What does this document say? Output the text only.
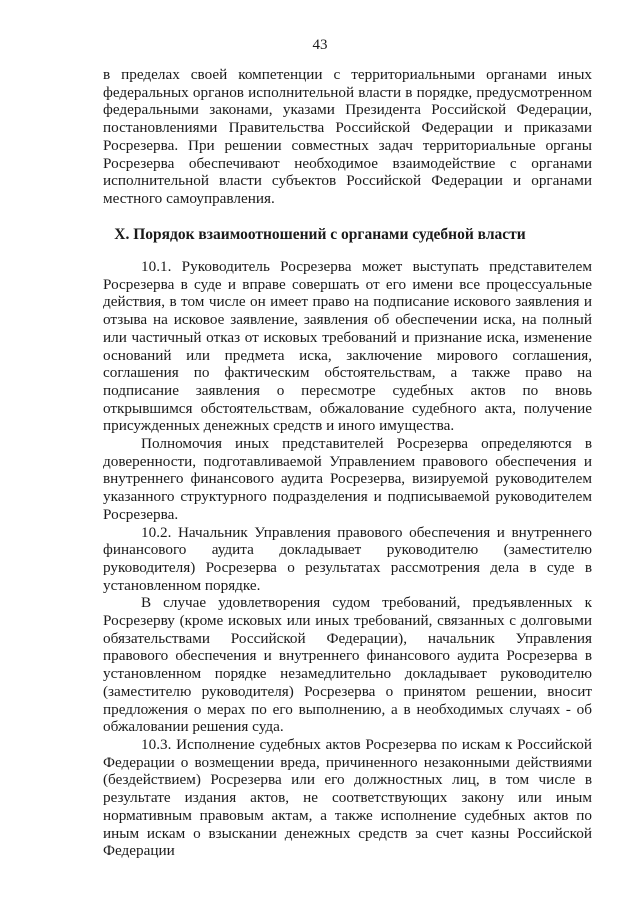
43

в пределах своей компетенции с территориальными органами иных федеральных органов исполнительной власти в порядке, предусмотренном федеральными законами, указами Президента Российской Федерации, постановлениями Правительства Российской Федерации и приказами Росрезерва. При решении совместных задач территориальные органы Росрезерва обеспечивают необходимое взаимодействие с органами исполнительной власти субъектов Российской Федерации и органами местного самоуправления.

X. Порядок взаимоотношений с органами судебной власти

10.1. Руководитель Росрезерва может выступать представителем Росрезерва в суде и вправе совершать от его имени все процессуальные действия, в том числе он имеет право на подписание искового заявления и отзыва на исковое заявление, заявления об обеспечении иска, на полный или частичный отказ от исковых требований и признание иска, изменение оснований или предмета иска, заключение мирового соглашения, соглашения по фактическим обстоятельствам, а также право на подписание заявления о пересмотре судебных актов по вновь открывшимся обстоятельствам, обжалование судебного акта, получение присужденных денежных средств и иного имущества.

Полномочия иных представителей Росрезерва определяются в доверенности, подготавливаемой Управлением правового обеспечения и внутреннего финансового аудита Росрезерва, визируемой руководителем указанного структурного подразделения и подписываемой руководителем Росрезерва.

10.2. Начальник Управления правового обеспечения и внутреннего финансового аудита докладывает руководителю (заместителю руководителя) Росрезерва о результатах рассмотрения дела в суде в установленном порядке.

В случае удовлетворения судом требований, предъявленных к Росрезерву (кроме исковых или иных требований, связанных с долговыми обязательствами Российской Федерации), начальник Управления правового обеспечения и внутреннего финансового аудита Росрезерва в установленном порядке незамедлительно докладывает руководителю (заместителю руководителя) Росрезерва о принятом решении, вносит предложения о мерах по его выполнению, а в необходимых случаях - об обжаловании решения суда.

10.3. Исполнение судебных актов Росрезерва по искам к Российской Федерации о возмещении вреда, причиненного незаконными действиями (бездействием) Росрезерва или его должностных лиц, в том числе в результате издания актов, не соответствующих закону или иным нормативным правовым актам, а также исполнение судебных актов по иным искам о взыскании денежных средств за счет казны Российской Федерации
